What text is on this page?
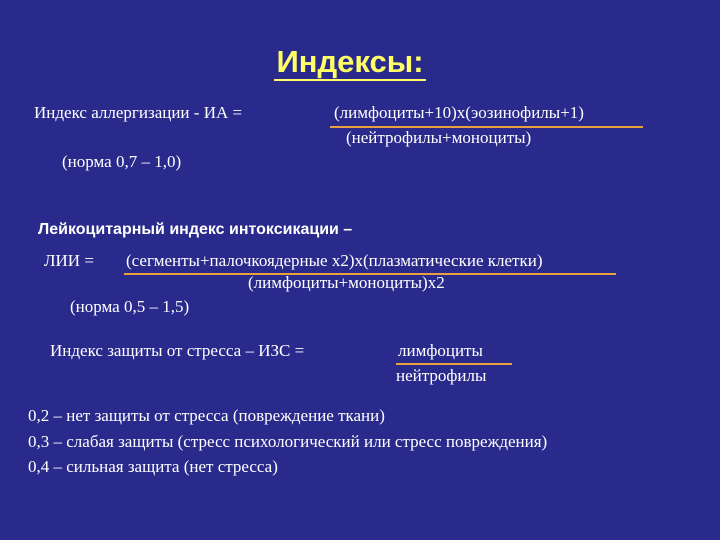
Индексы:
Индекс аллергизации - ИА =	(лимфоциты+10)х(эозинофилы+1)
(нейтрофилы+моноциты)
(норма 0,7 – 1,0)
Лейкоцитарный индекс интоксикации –
ЛИИ = (сегменты+палочкоядерные х2)х(плазматические клетки)
(лимфоциты+моноциты)х2
(норма 0,5 – 1,5)
Индекс защиты от стресса – ИЗС =	лимфоциты
нейтрофилы
0,2 – нет защиты от стресса (повреждение ткани)
0,3 – слабая защиты (стресс психологический или стресс повреждения)
0,4 – сильная защита (нет стресса)
